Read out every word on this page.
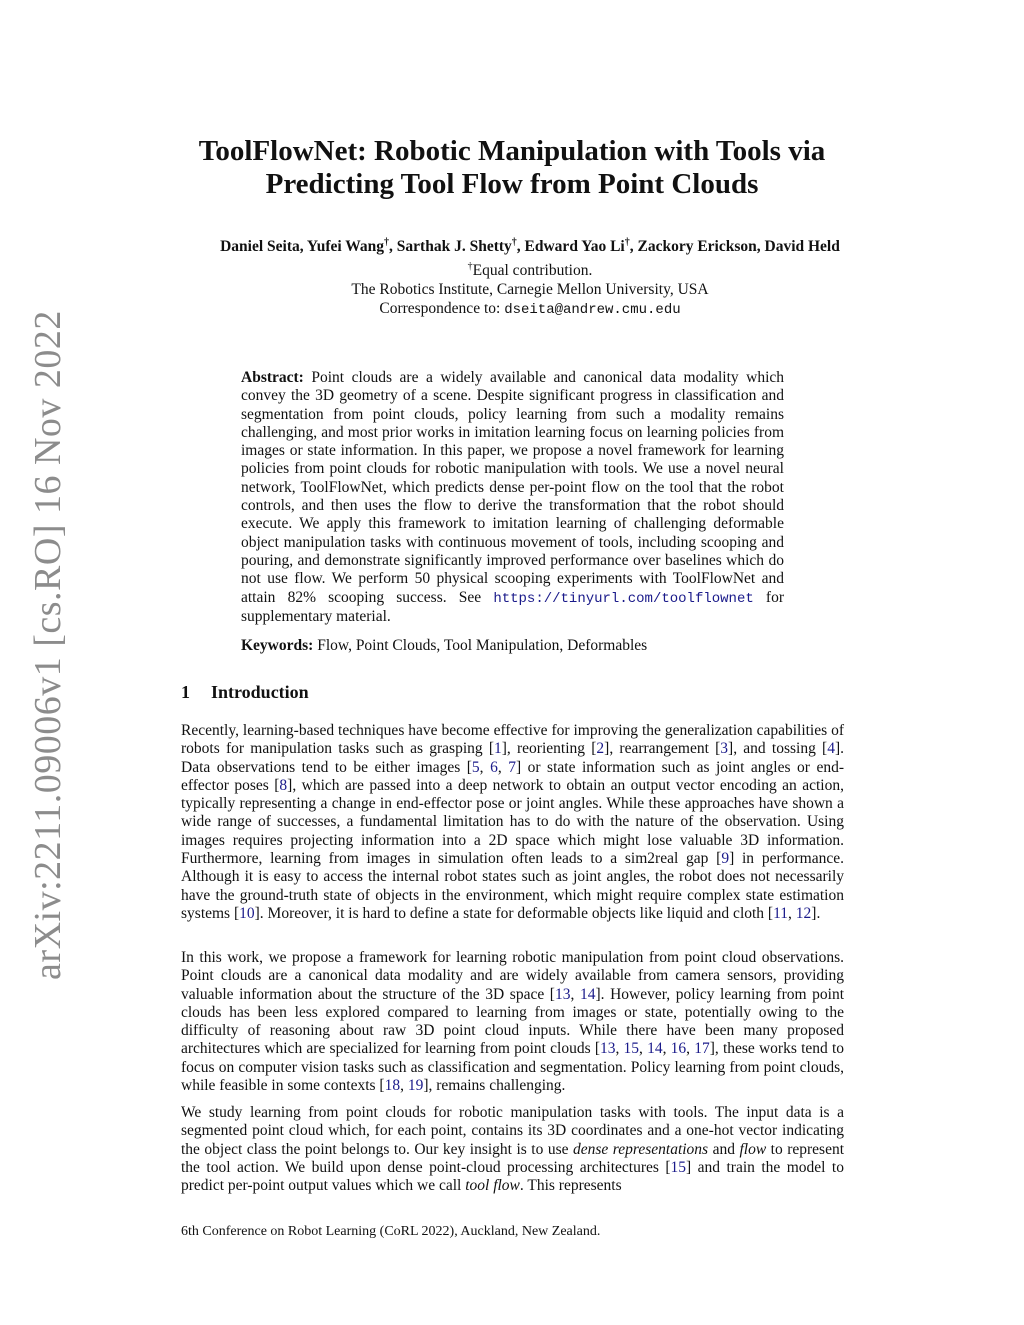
arXiv:2211.09006v1 [cs.RO] 16 Nov 2022
ToolFlowNet: Robotic Manipulation with Tools via
Predicting Tool Flow from Point Clouds
Daniel Seita, Yufei Wang†, Sarthak J. Shetty†, Edward Yao Li†, Zackory Erickson, David Held
†Equal contribution.
The Robotics Institute, Carnegie Mellon University, USA
Correspondence to: dseita@andrew.cmu.edu
Abstract: Point clouds are a widely available and canonical data modality which convey the 3D geometry of a scene. Despite significant progress in classification and segmentation from point clouds, policy learning from such a modality remains challenging, and most prior works in imitation learning focus on learning policies from images or state information. In this paper, we propose a novel framework for learning policies from point clouds for robotic manipulation with tools. We use a novel neural network, ToolFlowNet, which predicts dense per-point flow on the tool that the robot controls, and then uses the flow to derive the transformation that the robot should execute. We apply this framework to imitation learning of challenging deformable object manipulation tasks with continuous movement of tools, including scooping and pouring, and demonstrate significantly improved performance over baselines which do not use flow. We perform 50 physical scooping experiments with ToolFlowNet and attain 82% scooping success. See https://tinyurl.com/toolflownet for supplementary material.
Keywords: Flow, Point Clouds, Tool Manipulation, Deformables
1 Introduction
Recently, learning-based techniques have become effective for improving the generalization capabilities of robots for manipulation tasks such as grasping [1], reorienting [2], rearrangement [3], and tossing [4]. Data observations tend to be either images [5, 6, 7] or state information such as joint angles or end-effector poses [8], which are passed into a deep network to obtain an output vector encoding an action, typically representing a change in end-effector pose or joint angles. While these approaches have shown a wide range of successes, a fundamental limitation has to do with the nature of the observation. Using images requires projecting information into a 2D space which might lose valuable 3D information. Furthermore, learning from images in simulation often leads to a sim2real gap [9] in performance. Although it is easy to access the internal robot states such as joint angles, the robot does not necessarily have the ground-truth state of objects in the environment, which might require complex state estimation systems [10]. Moreover, it is hard to define a state for deformable objects like liquid and cloth [11, 12].
In this work, we propose a framework for learning robotic manipulation from point cloud observations. Point clouds are a canonical data modality and are widely available from camera sensors, providing valuable information about the structure of the 3D space [13, 14]. However, policy learning from point clouds has been less explored compared to learning from images or state, potentially owing to the difficulty of reasoning about raw 3D point cloud inputs. While there have been many proposed architectures which are specialized for learning from point clouds [13, 15, 14, 16, 17], these works tend to focus on computer vision tasks such as classification and segmentation. Policy learning from point clouds, while feasible in some contexts [18, 19], remains challenging.
We study learning from point clouds for robotic manipulation tasks with tools. The input data is a segmented point cloud which, for each point, contains its 3D coordinates and a one-hot vector indicating the object class the point belongs to. Our key insight is to use dense representations and flow to represent the tool action. We build upon dense point-cloud processing architectures [15] and train the model to predict per-point output values which we call tool flow. This represents
6th Conference on Robot Learning (CoRL 2022), Auckland, New Zealand.
